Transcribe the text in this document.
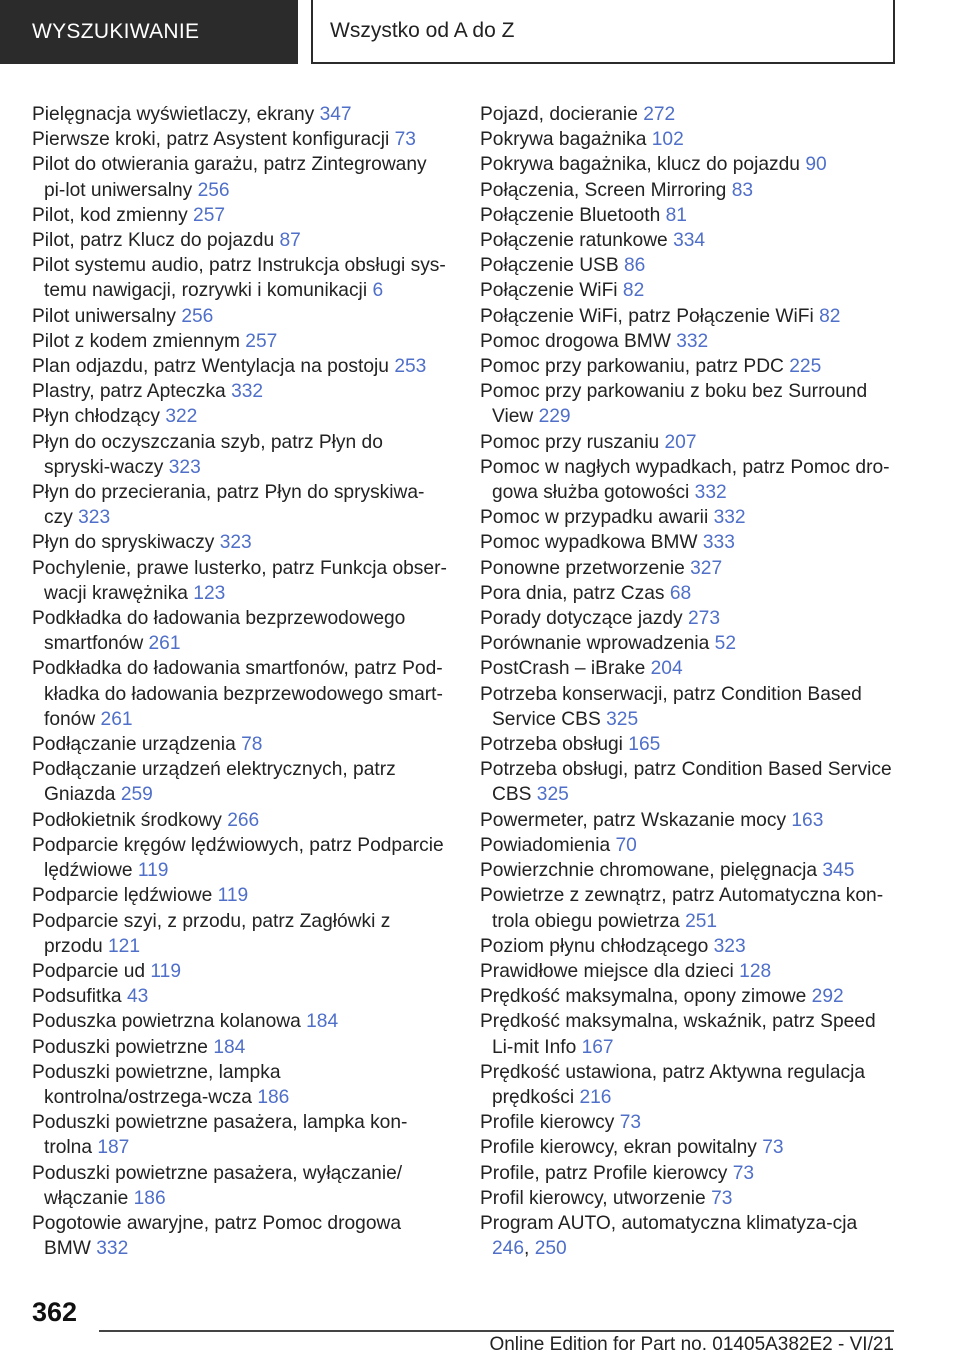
WYSZUKIWANIE	Wszystko od A do Z
Pielęgnacja wyświetlaczy, ekrany 347
Pierwsze kroki, patrz Asystent konfiguracji 73
Pilot do otwierania garażu, patrz Zintegrowany pi-lot uniwersalny 256
Pilot, kod zmienny 257
Pilot, patrz Klucz do pojazdu 87
Pilot systemu audio, patrz Instrukcja obsługi sys-temu nawigacji, rozrywki i komunikacji 6
Pilot uniwersalny 256
Pilot z kodem zmiennym 257
Plan odjazdu, patrz Wentylacja na postoju 253
Plastry, patrz Apteczka 332
Płyn chłodzący 322
Płyn do oczyszczania szyb, patrz Płyn do spryski-waczy 323
Płyn do przecierania, patrz Płyn do spryskiwa-czy 323
Płyn do spryskiwaczy 323
Pochylenie, prawe lusterko, patrz Funkcja obser-wacji krawężnika 123
Podkładka do ładowania bezprzewodowego smartfonów 261
Podkładka do ładowania smartfonów, patrz Pod-kładka do ładowania bezprzewodowego smart-fonów 261
Podłączanie urządzenia 78
Podłączanie urządzeń elektrycznych, patrz Gniazda 259
Podłokietnik środkowy 266
Podparcie kręgów lędźwiowych, patrz Podparcie lędźwiowe 119
Podparcie lędźwiowe 119
Podparcie szyi, z przodu, patrz Zagłówki z przodu 121
Podparcie ud 119
Podsufitka 43
Poduszka powietrzna kolanowa 184
Poduszki powietrzne 184
Poduszki powietrzne, lampka kontrolna/ostrzega-wcza 186
Poduszki powietrzne pasażera, lampka kon-trolna 187
Poduszki powietrzne pasażera, wyłączanie/ włączanie 186
Pogotowie awaryjne, patrz Pomoc drogowa BMW 332
Pojazd, docieranie 272
Pokrywa bagażnika 102
Pokrywa bagażnika, klucz do pojazdu 90
Połączenia, Screen Mirroring 83
Połączenie Bluetooth 81
Połączenie ratunkowe 334
Połączenie USB 86
Połączenie WiFi 82
Połączenie WiFi, patrz Połączenie WiFi 82
Pomoc drogowa BMW 332
Pomoc przy parkowaniu, patrz PDC 225
Pomoc przy parkowaniu z boku bez Surround View 229
Pomoc przy ruszaniu 207
Pomoc w nagłych wypadkach, patrz Pomoc dro-gowa służba gotowości 332
Pomoc w przypadku awarii 332
Pomoc wypadkowa BMW 333
Ponowne przetworzenie 327
Pora dnia, patrz Czas 68
Porady dotyczące jazdy 273
Porównanie wprowadzenia 52
PostCrash – iBrake 204
Potrzeba konserwacji, patrz Condition Based Service CBS 325
Potrzeba obsługi 165
Potrzeba obsługi, patrz Condition Based Service CBS 325
Powermeter, patrz Wskazanie mocy 163
Powiadomienia 70
Powierzchnie chromowane, pielęgnacja 345
Powietrze z zewnątrz, patrz Automatyczna kon-trola obiegu powietrza 251
Poziom płynu chłodzącego 323
Prawidłowe miejsce dla dzieci 128
Prędkość maksymalna, opony zimowe 292
Prędkość maksymalna, wskaźnik, patrz Speed Li-mit Info 167
Prędkość ustawiona, patrz Aktywna regulacja prędkości 216
Profile kierowcy 73
Profile kierowcy, ekran powitalny 73
Profile, patrz Profile kierowcy 73
Profil kierowcy, utworzenie 73
Program AUTO, automatyczna klimatyza-cja 246, 250
362
Online Edition for Part no. 01405A382E2 - VI/21
